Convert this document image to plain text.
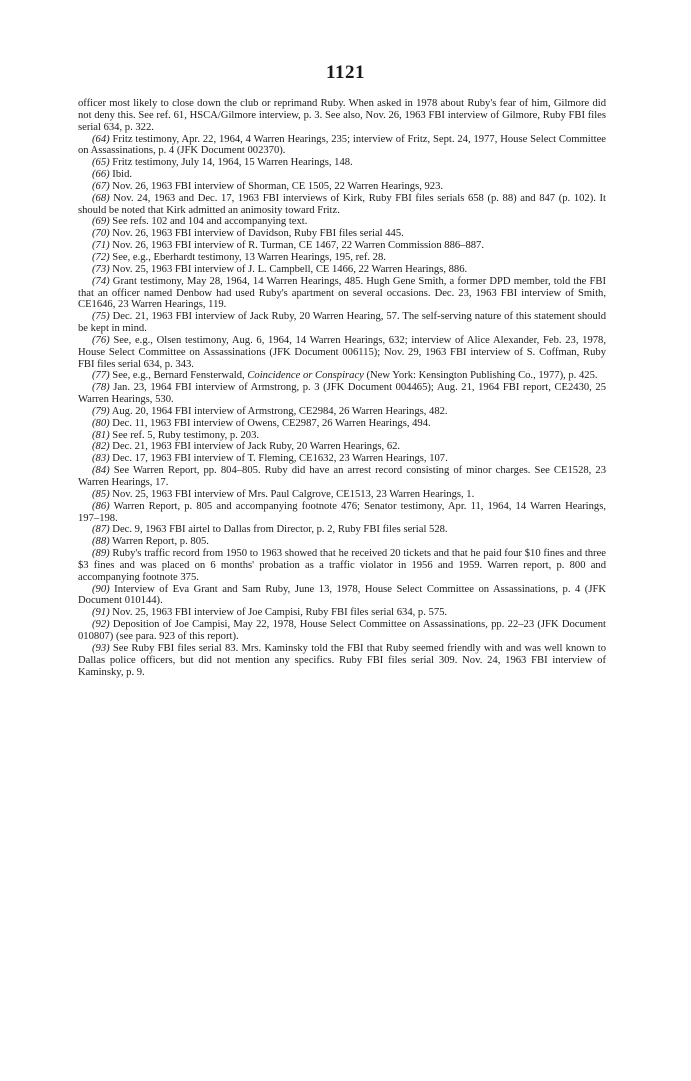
1121

officer most likely to close down the club or reprimand Ruby. When asked in 1978 about Ruby's fear of him, Gilmore did not deny this. See ref. 61, HSCA/Gilmore interview, p. 3. See also, Nov. 26, 1963 FBI interview of Gilmore, Ruby FBI files serial 634, p. 322.

(64) Fritz testimony, Apr. 22, 1964, 4 Warren Hearings, 235; interview of Fritz, Sept. 24, 1977, House Select Committee on Assassinations, p. 4 (JFK Document 002370).

(65) Fritz testimony, July 14, 1964, 15 Warren Hearings, 148.

(66) Ibid.

(67) Nov. 26, 1963 FBI interview of Shorman, CE 1505, 22 Warren Hearings, 923.

(68) Nov. 24, 1963 and Dec. 17, 1963 FBI interviews of Kirk, Ruby FBI files serials 658 (p. 88) and 847 (p. 102). It should be noted that Kirk admitted an animosity toward Fritz.

(69) See refs. 102 and 104 and accompanying text.

(70) Nov. 26, 1963 FBI interview of Davidson, Ruby FBI files serial 445.

(71) Nov. 26, 1963 FBI interview of R. Turman, CE 1467, 22 Warren Commission 886–887.

(72) See, e.g., Eberhardt testimony, 13 Warren Hearings, 195, ref. 28.

(73) Nov. 25, 1963 FBI interview of J. L. Campbell, CE 1466, 22 Warren Hearings, 886.

(74) Grant testimony, May 28, 1964, 14 Warren Hearings, 485. Hugh Gene Smith, a former DPD member, told the FBI that an officer named Denbow had used Ruby's apartment on several occasions. Dec. 23, 1963 FBI interview of Smith, CE1646, 23 Warren Hearings, 119.

(75) Dec. 21, 1963 FBI interview of Jack Ruby, 20 Warren Hearing, 57. The self-serving nature of this statement should be kept in mind.

(76) See, e.g., Olsen testimony, Aug. 6, 1964, 14 Warren Hearings, 632; interview of Alice Alexander, Feb. 23, 1978, House Select Committee on Assassinations (JFK Document 006115); Nov. 29, 1963 FBI interview of S. Coffman, Ruby FBI files serial 634, p. 343.

(77) See, e.g., Bernard Fensterwald, Coincidence or Conspiracy (New York: Kensington Publishing Co., 1977), p. 425.

(78) Jan. 23, 1964 FBI interview of Armstrong, p. 3 (JFK Document 004465); Aug. 21, 1964 FBI report, CE2430, 25 Warren Hearings, 530.

(79) Aug. 20, 1964 FBI interview of Armstrong, CE2984, 26 Warren Hearings, 482.

(80) Dec. 11, 1963 FBI interview of Owens, CE2987, 26 Warren Hearings, 494.

(81) See ref. 5, Ruby testimony, p. 203.

(82) Dec. 21, 1963 FBI interview of Jack Ruby, 20 Warren Hearings, 62.

(83) Dec. 17, 1963 FBI interview of T. Fleming, CE1632, 23 Warren Hearings, 107.

(84) See Warren Report, pp. 804–805. Ruby did have an arrest record consisting of minor charges. See CE1528, 23 Warren Hearings, 17.

(85) Nov. 25, 1963 FBI interview of Mrs. Paul Calgrove, CE1513, 23 Warren Hearings, 1.

(86) Warren Report, p. 805 and accompanying footnote 476; Senator testimony, Apr. 11, 1964, 14 Warren Hearings, 197–198.

(87) Dec. 9, 1963 FBI airtel to Dallas from Director, p. 2, Ruby FBI files serial 528.

(88) Warren Report, p. 805.

(89) Ruby's traffic record from 1950 to 1963 showed that he received 20 tickets and that he paid four $10 fines and three $3 fines and was placed on 6 months' probation as a traffic violator in 1956 and 1959. Warren report, p. 800 and accompanying footnote 375.

(90) Interview of Eva Grant and Sam Ruby, June 13, 1978, House Select Committee on Assassinations, p. 4 (JFK Document 010144).

(91) Nov. 25, 1963 FBI interview of Joe Campisi, Ruby FBI files serial 634, p. 575.

(92) Deposition of Joe Campisi, May 22, 1978, House Select Committee on Assassinations, pp. 22–23 (JFK Document 010807) (see para. 923 of this report).

(93) See Ruby FBI files serial 83. Mrs. Kaminsky told the FBI that Ruby seemed friendly with and was well known to Dallas police officers, but did not mention any specifics. Ruby FBI files serial 309. Nov. 24, 1963 FBI interview of Kaminsky, p. 9.
